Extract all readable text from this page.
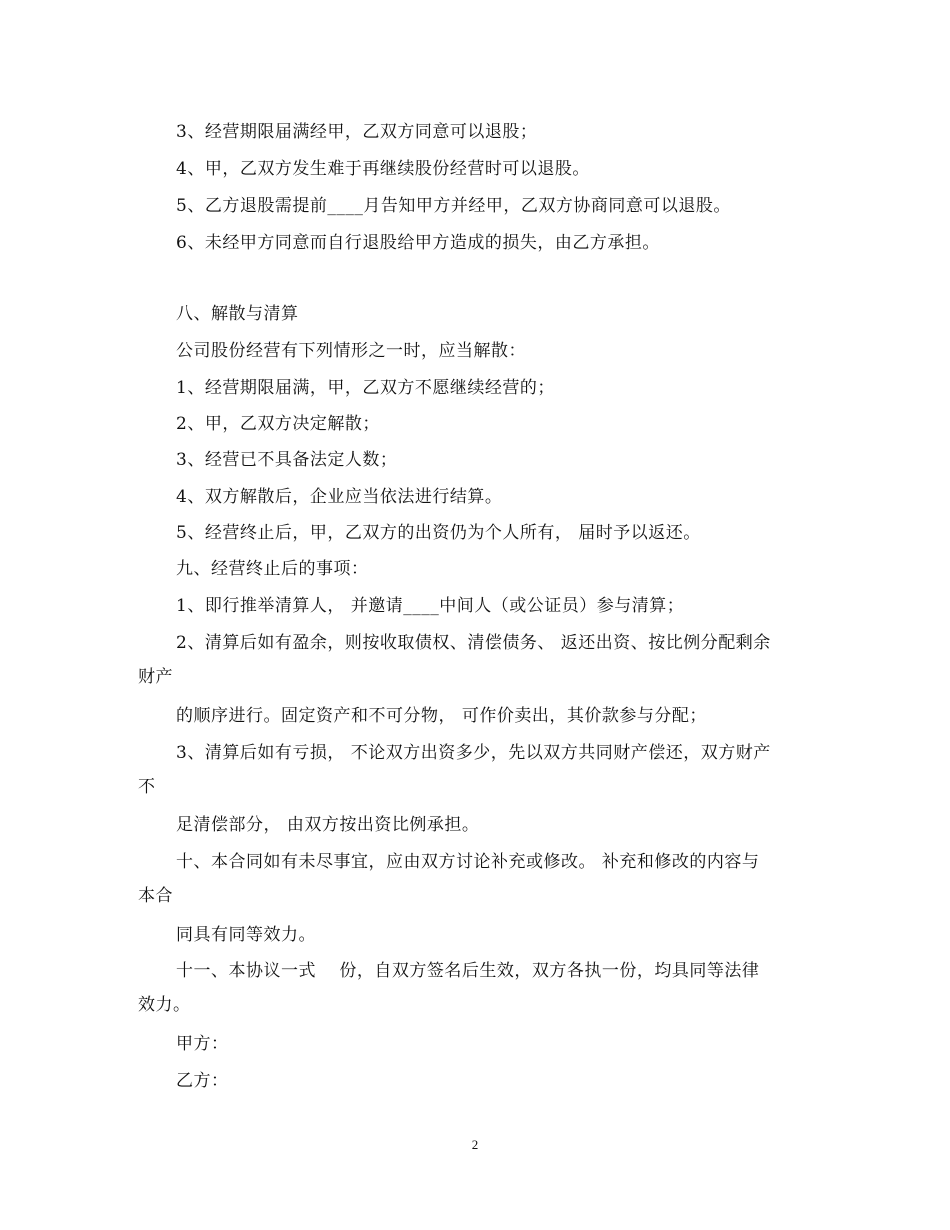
3、经营期限届满经甲，乙双方同意可以退股；
4、甲，乙双方发生难于再继续股份经营时可以退股。
5、乙方退股需提前____月告知甲方并经甲，乙双方协商同意可以退股。
6、未经甲方同意而自行退股给甲方造成的损失，由乙方承担。
八、解散与清算
公司股份经营有下列情形之一时，应当解散：
1、经营期限届满，甲，乙双方不愿继续经营的；
2、甲，乙双方决定解散；
3、经营已不具备法定人数；
4、双方解散后，企业应当依法进行结算。
5、经营终止后，甲，乙双方的出资仍为个人所有， 届时予以返还。
九、经营终止后的事项：
1、即行推举清算人， 并邀请____中间人（或公证员）参与清算；
2、清算后如有盈余，则按收取债权、清偿债务、 返还出资、按比例分配剩余
财产
的顺序进行。固定资产和不可分物， 可作价卖出，其价款参与分配；
3、清算后如有亏损， 不论双方出资多少，先以双方共同财产偿还，双方财产
不
足清偿部分， 由双方按出资比例承担。
十、本合同如有未尽事宜，应由双方讨论补充或修改。 补充和修改的内容与
本合
同具有同等效力。
十一、本协议一式　 份，自双方签名后生效，双方各执一份，均具同等法律
效力。
甲方：
乙方：
2
